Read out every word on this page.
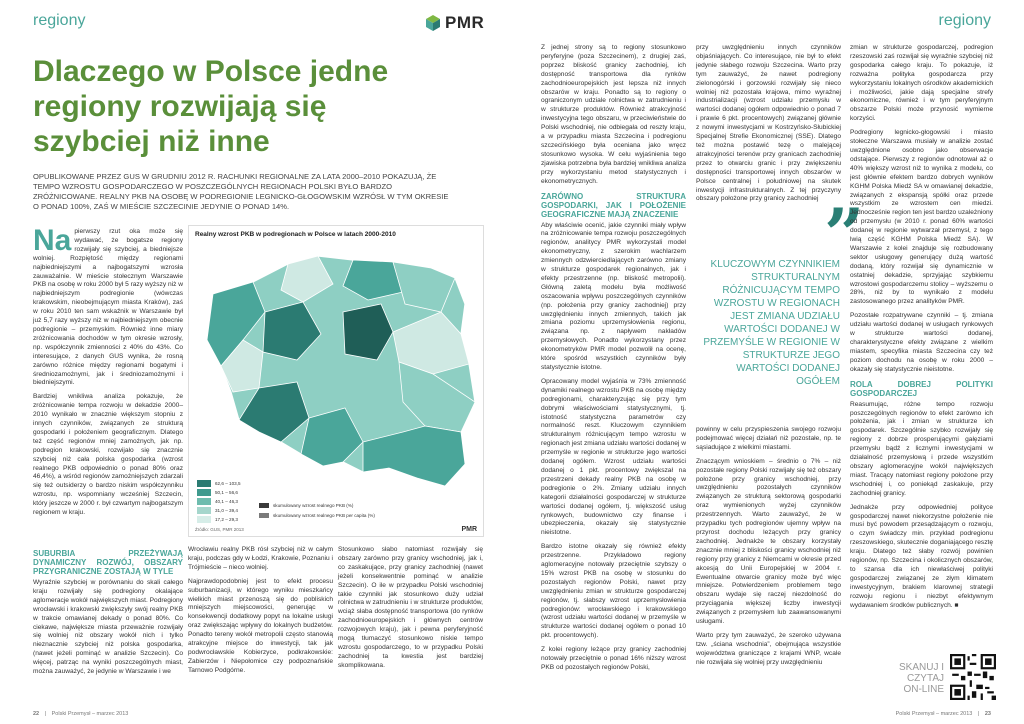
regiony	regiony
PMR
Dlaczego w Polsce jedne regiony rozwijają się szybciej niż inne
OPUBLIKOWANE PRZEZ GUS W GRUDNIU 2012 R. RACHUNKI REGIONALNE ZA LATA 2000–2010 POKAZUJĄ, ŻE TEMPO WZROSTU GOSPODARCZEGO W POSZCZEGÓLNYCH REGIONACH POLSKI BYŁO BARDZO ZRÓŻNICOWANE. REALNY PKB NA OSOBĘ W PODREGIONIE LEGNICKO-GŁOGOWSKIM WZRÓSŁ W TYM OKRESIE O PONAD 100%, ZAŚ W MIEŚCIE SZCZECINIE JEDYNIE O PONAD 14%.
Na pierwszy rzut oka może się wydawać, że bogatsze regiony rozwijały się szybciej, a biedniejsze wolniej. Rozpiętość między regionami najbiedniejszymi a najbogatszymi wzrosła zauważalnie. W mieście stołecznym Warszawie PKB na osobę w roku 2000 był 5 razy wyższy niż w najbiedniejszym podregionie (wówczas krakowskim, nieobejmującym miasta Kraków), zaś w roku 2010 ten sam wskaźnik w Warszawie był już 5,7 razy wyższy niż w najbiedniejszym obecnie podregionie – przemyskim. Również inne miary zróżnicowania dochodów w tym okresie wzrosły, np. współczynnik zmienności z 40% do 43%. Co interesujące, z danych GUS wynika, że rosną zarówno różnice między regionami bogatymi i średniozamożnymi, jak i średniozamożnymi i biedniejszymi.

Bardziej wnikliwa analiza pokazuje, że zróżnicowanie tempa rozwoju w dekadzie 2000–2010 wynikało w znacznie większym stopniu z innych czynników, związanych ze strukturą gospodarki i położeniem geograficznym. Dlatego też część regionów mniej zamożnych, jak np. podregion krakowski, rozwijało się znacznie szybciej niż cała polska gospodarka (wzrost realnego PKB odpowiednio o ponad 80% oraz 46,4%), a wśród regionów zamożniejszych zdarzali się też outsiderzy o bardzo niskim współczynniku wzrostu, np. wspomniany wcześniej Szczecin, który jeszcze w 2000 r. był czwartym najbogatszym regionem w kraju.

SUBURBIA PRZEŻYWAJĄ DYNAMICZNY ROZWÓJ, OBSZARY PRZYGRANICZNE ZOSTAJĄ W TYLE

Wyraźnie szybciej w porównaniu do skali całego kraju rozwijały się podregiony okalające aglomeracje wokół największych miast. Podregiony wrocławski i krakowski zwiększyły swój realny PKB w trakcie omawianej dekady o ponad 80%. Co ciekawe, największe miasta przeważnie rozwijały się wolniej niż obszary wokół nich i tylko nieznacznie szybciej niż polska gospodarka, (nawet jeżeli pominąć w analizie Szczecin). Co więcej, patrząc na wyniki poszczególnych miast, można zauważyć, że jedynie w Warszawie i we

Realny wzrost PKB w podregionach w Polsce w latach 2000-2010
62,6 – 103,5
50,1 – 56,6
40,1 – 46,3
31,0 – 39,4
17,2 – 29,3
skumulowany wzrost realnego PKB (%)
skumulowany wzrost realnego PKB per capita (%)
Źródło: GUS, PMR 2013	PMR

Wrocławiu realny PKB rósł szybciej niż w całym kraju, podczas gdy w Łodzi, Krakowie, Poznaniu i Trójmieście – nieco wolniej.

Najprawdopodobniej jest to efekt procesu suburbanizacji, w którego wyniku mieszkańcy wielkich miast przenoszą się do pobliskich mniejszych miejscowości, generując w konsekwencji dodatkowy popyt na lokalne usługi oraz zwiększając wpływy do lokalnych budżetów. Ponadto tereny wokół metropolii często stanowią atrakcyjne miejsce do inwestycji, tak jak podwrocławskie Kobierzyce, podkrakowskie: Zabierzów i Niepołomice czy podpoznańskie Tarnowo Podgórne.

Stosunkowo słabo natomiast rozwijały się obszary zarówno przy granicy wschodniej, jak i, co zaskakujące, przy granicy zachodniej (nawet jeżeli konsekwentnie pominąć w analizie Szczecin). O ile w przypadku Polski wschodniej takie czynniki jak stosunkowo duży udział rolnictwa w zatrudnieniu i w strukturze produktów, wciąż słaba dostępność transportowa (do rynków zachodnioeuropejskich i głównych centrów rozwojowych kraju), jak i pewna peryferyjność mogą tłumaczyć stosunkowo niskie tempo wzrostu gospodarczego, to w przypadku Polski zachodniej ta kwestia jest bardziej skomplikowana.

Z jednej strony są to regiony stosunkowo peryferyjne (poza Szczecinem), z drugiej zaś, poprzez bliskość granicy zachodniej, ich dostępność transportowa dla rynków zachodnioeuropejskich jest lepsza niż innych obszarów w kraju. Ponadto są to regiony o ograniczonym udziale rolnictwa w zatrudnieniu i w strukturze produktów. Również atrakcyjność inwestycyjna tego obszaru, w przeciwieństwie do Polski wschodniej, nie odbiegała od reszty kraju, a w przypadku miasta Szczecina i podregionu szczecińskiego była oceniana jako wręcz stosunkowo wysoka. W celu wyjaśnienia tego zjawiska potrzebna była bardziej wnikliwa analiza przy wykorzystaniu metod statystycznych i ekonometrycznych.

ZARÓWNO STRUKTURA GOSPODARKI, JAK I POŁOŻENIE GEOGRAFICZNE MAJĄ ZNACZENIE

Aby właściwie ocenić, jakie czynniki miały wpływ na zróżnicowanie tempa rozwoju poszczególnych regionów, analitycy PMR wykorzystali model ekonometryczny, z szerokim wachlarzem zmiennych odzwierciedlających zarówno zmiany w strukturze gospodarek regionalnych, jak i efekty przestrzenne (np. bliskość metropolii). Główną zaletą modelu była możliwość oszacowania wpływu poszczególnych czynników (np. położenia przy granicy zachodniej) przy uwzględnieniu innych zmiennych, takich jak zmiana poziomu uprzemysłowienia regionu, związana np. z napływem nakładów przemysłowych. Ponadto wykorzystany przez ekonometryków PMR model pozwolił na ocenę, które spośród wszystkich czynników były statystycznie istotne.

Opracowany model wyjaśnia w 73% zmienność dynamiki realnego wzrostu PKB na osobę między podregionami, charakteryzując się przy tym dobrymi właściwościami statystycznymi, tj. istotność statystyczna parametrów czy normalność reszt. Kluczowym czynnikiem strukturalnym różnicującym tempo wzrostu w regionach jest zmiana udziału wartości dodanej w przemyśle w regionie w strukturze jego wartości dodanej ogółem. Wzrost udziału wartości dodanej o 1 pkt. procentowy zwiększał na przestrzeni dekady realny PKB na osobę w podregionie o 2%. Zmiany udziału innych kategorii działalności gospodarczej w strukturze wartości dodanej ogółem, tj. większość usług rynkowych, budownictwo czy finanse i ubezpieczenia, okazały się statystycznie nieistotne.

Bardzo istotne okazały się również efekty przestrzenne. Przykładowo regiony aglomeracyjne notowały przeciętnie szybszy o 15% wzrost PKB na osobę w stosunku do pozostałych regionów Polski, nawet przy uwzględnieniu zmian w strukturze gospodarczej regionów, tj. słabszy wzrost uprzemysłowienia podregionów: wrocławskiego i krakowskiego (wzrost udziału wartości dodanej w przemyśle w strukturze wartości dodanej ogółem o ponad 10 pkt. procentowych).

Z kolei regiony leżące przy granicy zachodniej notowały przeciętnie o ponad 16% niższy wzrost PKB od pozostałych regionów Polski,

przy uwzględnieniu innych czynników objaśniających. Co interesujące, nie był to efekt jedynie słabego rozwoju Szczecina. Warto przy tym zauważyć, że nawet podregiony zielonogórski i gorzowski rozwijały się nieco wolniej niż pozostała krajowa, mimo wyraźnej industrializacji (wzrost udziału przemysłu w wartości dodanej ogółem odpowiednio o ponad 7 i prawie 6 pkt. procentowych) związanej głównie z nowymi inwestycjami w Kostrzyńsko-Słubickiej Specjalnej Strefie Ekonomicznej (SSE). Dlatego też można postawić tezę o malejącej atrakcyjności terenów przy granicach zachodniej przez to otwarciu granic i przy zwiększeniu dostępności transportowej innych obszarów w Polsce centralnej i południowej na skutek inwestycji infrastrukturalnych. Z tej przyczyny obszary położone przy granicy zachodniej

powinny w celu przyspieszenia swojego rozwoju podejmować więcej działań niż pozostałe, np. te sąsiadujące z wielkimi miastami.

Znaczącym wnioskiem – średnio o 7% – niż pozostałe regiony Polski rozwijały się też obszary położone przy granicy wschodniej, przy uwzględnieniu pozostałych czynników związanych ze strukturą sektorową gospodarki oraz wymienionych wyżej czynników przestrzennych. Warto zauważyć, że w przypadku tych podregionów ujemny wpływ na przyrost dochodu leżących przy granicy zachodniej. Jednakże te obszary korzystały znacznie mniej z bliskości granicy wschodniej niż regiony przy granicy z Niemcami w okresie przed akcesją do Unii Europejskiej w 2004 r. Ewentualne otwarcie granicy może być więc mniejsze. Potwierdzeniem problemem tego obszaru wydaje się raczej niezdolność do przyciągania większej liczby inwestycji związanych z przemysłem lub zaawansowanymi usługami.

Warto przy tym zauważyć, że szeroko używana tzw. „ściana wschodnia”, obejmująca wszystkie województwa graniczące z krajami WNP, wcale nie rozwijała się wolniej przy uwzględnieniu

”
KLUCZOWYM CZYNNIKIEM STRUKTURALNYM RÓŻNICUJĄCYM TEMPO WZROSTU W REGIONACH JEST ZMIANA UDZIAŁU WARTOŚCI DODANEJ W PRZEMYŚLE W REGIONIE W STRUKTURZE JEGO WARTOŚCI DODANEJ OGÓŁEM

zmian w strukturze gospodarczej, podregion rzeszowski zaś rozwijał się wyraźnie szybciej niż gospodarka całego kraju. To pokazuje, iż rozważna polityka gospodarcza przy wykorzystaniu lokalnych ośrodków akademickich i możliwości, jakie dają specjalne strefy ekonomiczne, również i w tym peryferyjnym obszarze Polski może przynosić wymierne korzyści.

Podregiony legnicko-głogowski i miasto stołeczne Warszawa musiały w analizie zostać uwzględnione osobno jako obserwacje odstające. Pierwszy z regionów odnotował aż o 40% większy wzrost niż to wynika z modelu, co jest głównie efektem bardzo dobrych wyników KGHM Polska Miedź SA w omawianej dekadzie, związanych z ekspansją spółki oraz przede wszystkim ze wzrostem cen miedzi. Jednocześnie region ten jest bardzo uzależniony od przemysłu (w 2010 r. ponad 60% wartości dodanej w regionie wytwarzał przemysł, z tego lwią część KGHM Polska Miedź SA). W Warszawie z kolei znajduje się rozbudowany sektor usługowy generujący dużą wartość dodaną, który rozwijał się dynamicznie w ostatniej dekadzie, sprzyjając szybkiemu wzrostowi gospodarczemu stolicy – wyższemu o 28%, niż by to wynikało z modelu zastosowanego przez analityków PMR.

Pozostałe rozpatrywane czynniki – tj. zmiana udziału wartości dodanej w usługach rynkowych w strukturze wartości dodanej, charakterystyczne efekty związane z wielkim miastem, specyfika miasta Szczecina czy też poziom dochodu na osobę w roku 2000 – okazały się statystycznie nieistotne.

ROLA DOBREJ POLITYKI GOSPODARCZEJ

Reasumując, różne tempo rozwoju poszczególnych regionów to efekt zarówno ich położenia, jak i zmian w strukturze ich gospodarek. Szczególnie szybko rozwijały się regiony z dobrze prosperującymi gałęziami przemysłu bądź z licznymi inwestycjami w działalność przemysłową i przede wszystkim obszary aglomeracyjne wokół największych miast. Tracący natomiast regiony położone przy wschodniej i, co poniekąd zaskakuje, przy zachodniej granicy.

Jednakże przy odpowiedniej polityce gospodarczej nawet niekorzystne położenie nie musi być powodem przesądzającym o rozwoju, o czym świadczy min. przykład podregionu rzeszowskiego, skutecznie doganiającego resztę kraju. Dlatego też słaby rozwój powinien regionów, np. Szczecina i okolicznych obszarów, to szansa dla ich niewłaściwej polityki gospodarczej związanej ze złym klimatem inwestycyjnym, brakiem klarownej strategii rozwoju regionu i niezbyt efektywnym wydawaniem środków publicznych. ■

SKANUJ I CZYTAJ ON-LINE
22 | Polski Przemysł – marzec 2013	Polski Przemysł – marzec 2013 | 23
